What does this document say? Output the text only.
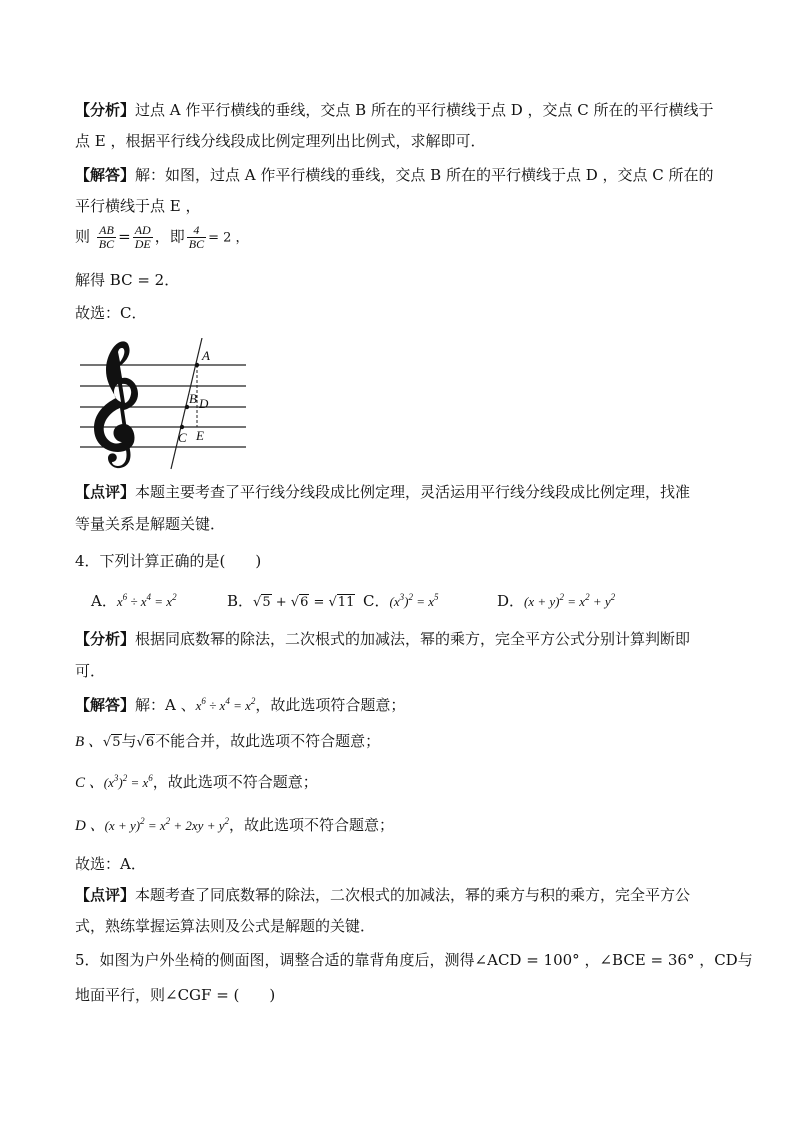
【分析】过点 A 作平行横线的垂线，交点 B 所在的平行横线于点 D ，交点 C 所在的平行横线于
点 E ，根据平行线分线段成比例定理列出比例式，求解即可．
【解答】解：如图，过点 A 作平行横线的垂线，交点 B 所在的平行横线于点 D ，交点 C 所在的
平行横线于点 E ，
则 $\frac{AB}{BC} = \frac{AD}{DE}$ ，即 $\frac{4}{BC} = 2$ ，
解得 BC = 2．
故选：C．
A
B D
C E
【点评】本题主要考查了平行线分线段成比例定理，灵活运用平行线分线段成比例定理，找准
等量关系是解题关键．
4．下列计算正确的是(　　)
A．$x^6 \div x^4 = x^2$	B．√5 + √6 = √11 C．$(x^3)^2 = x^5$	D．$(x + y)^2 = x^2 + y^2$
【分析】根据同底数幂的除法，二次根式的加减法，幂的乘方，完全平方公式分别计算判断即
可．
【解答】解：A 、$x^6 \div x^4 = x^2$，故此选项符合题意；
B 、√5与√6不能合并，故此选项不符合题意；
C 、$(x^3)^2 = x^6$，故此选项不符合题意；
D 、$(x + y)^2 = x^2 + 2xy + y^2$，故此选项不符合题意；
故选：A．
【点评】本题考查了同底数幂的除法，二次根式的加减法，幂的乘方与积的乘方，完全平方公
式，熟练掌握运算法则及公式是解题的关键．
5．如图为户外坐椅的侧面图，调整合适的靠背角度后，测得∠ACD = 100° ，∠BCE = 36° ，CD与
地面平行，则∠CGF = (　　)
